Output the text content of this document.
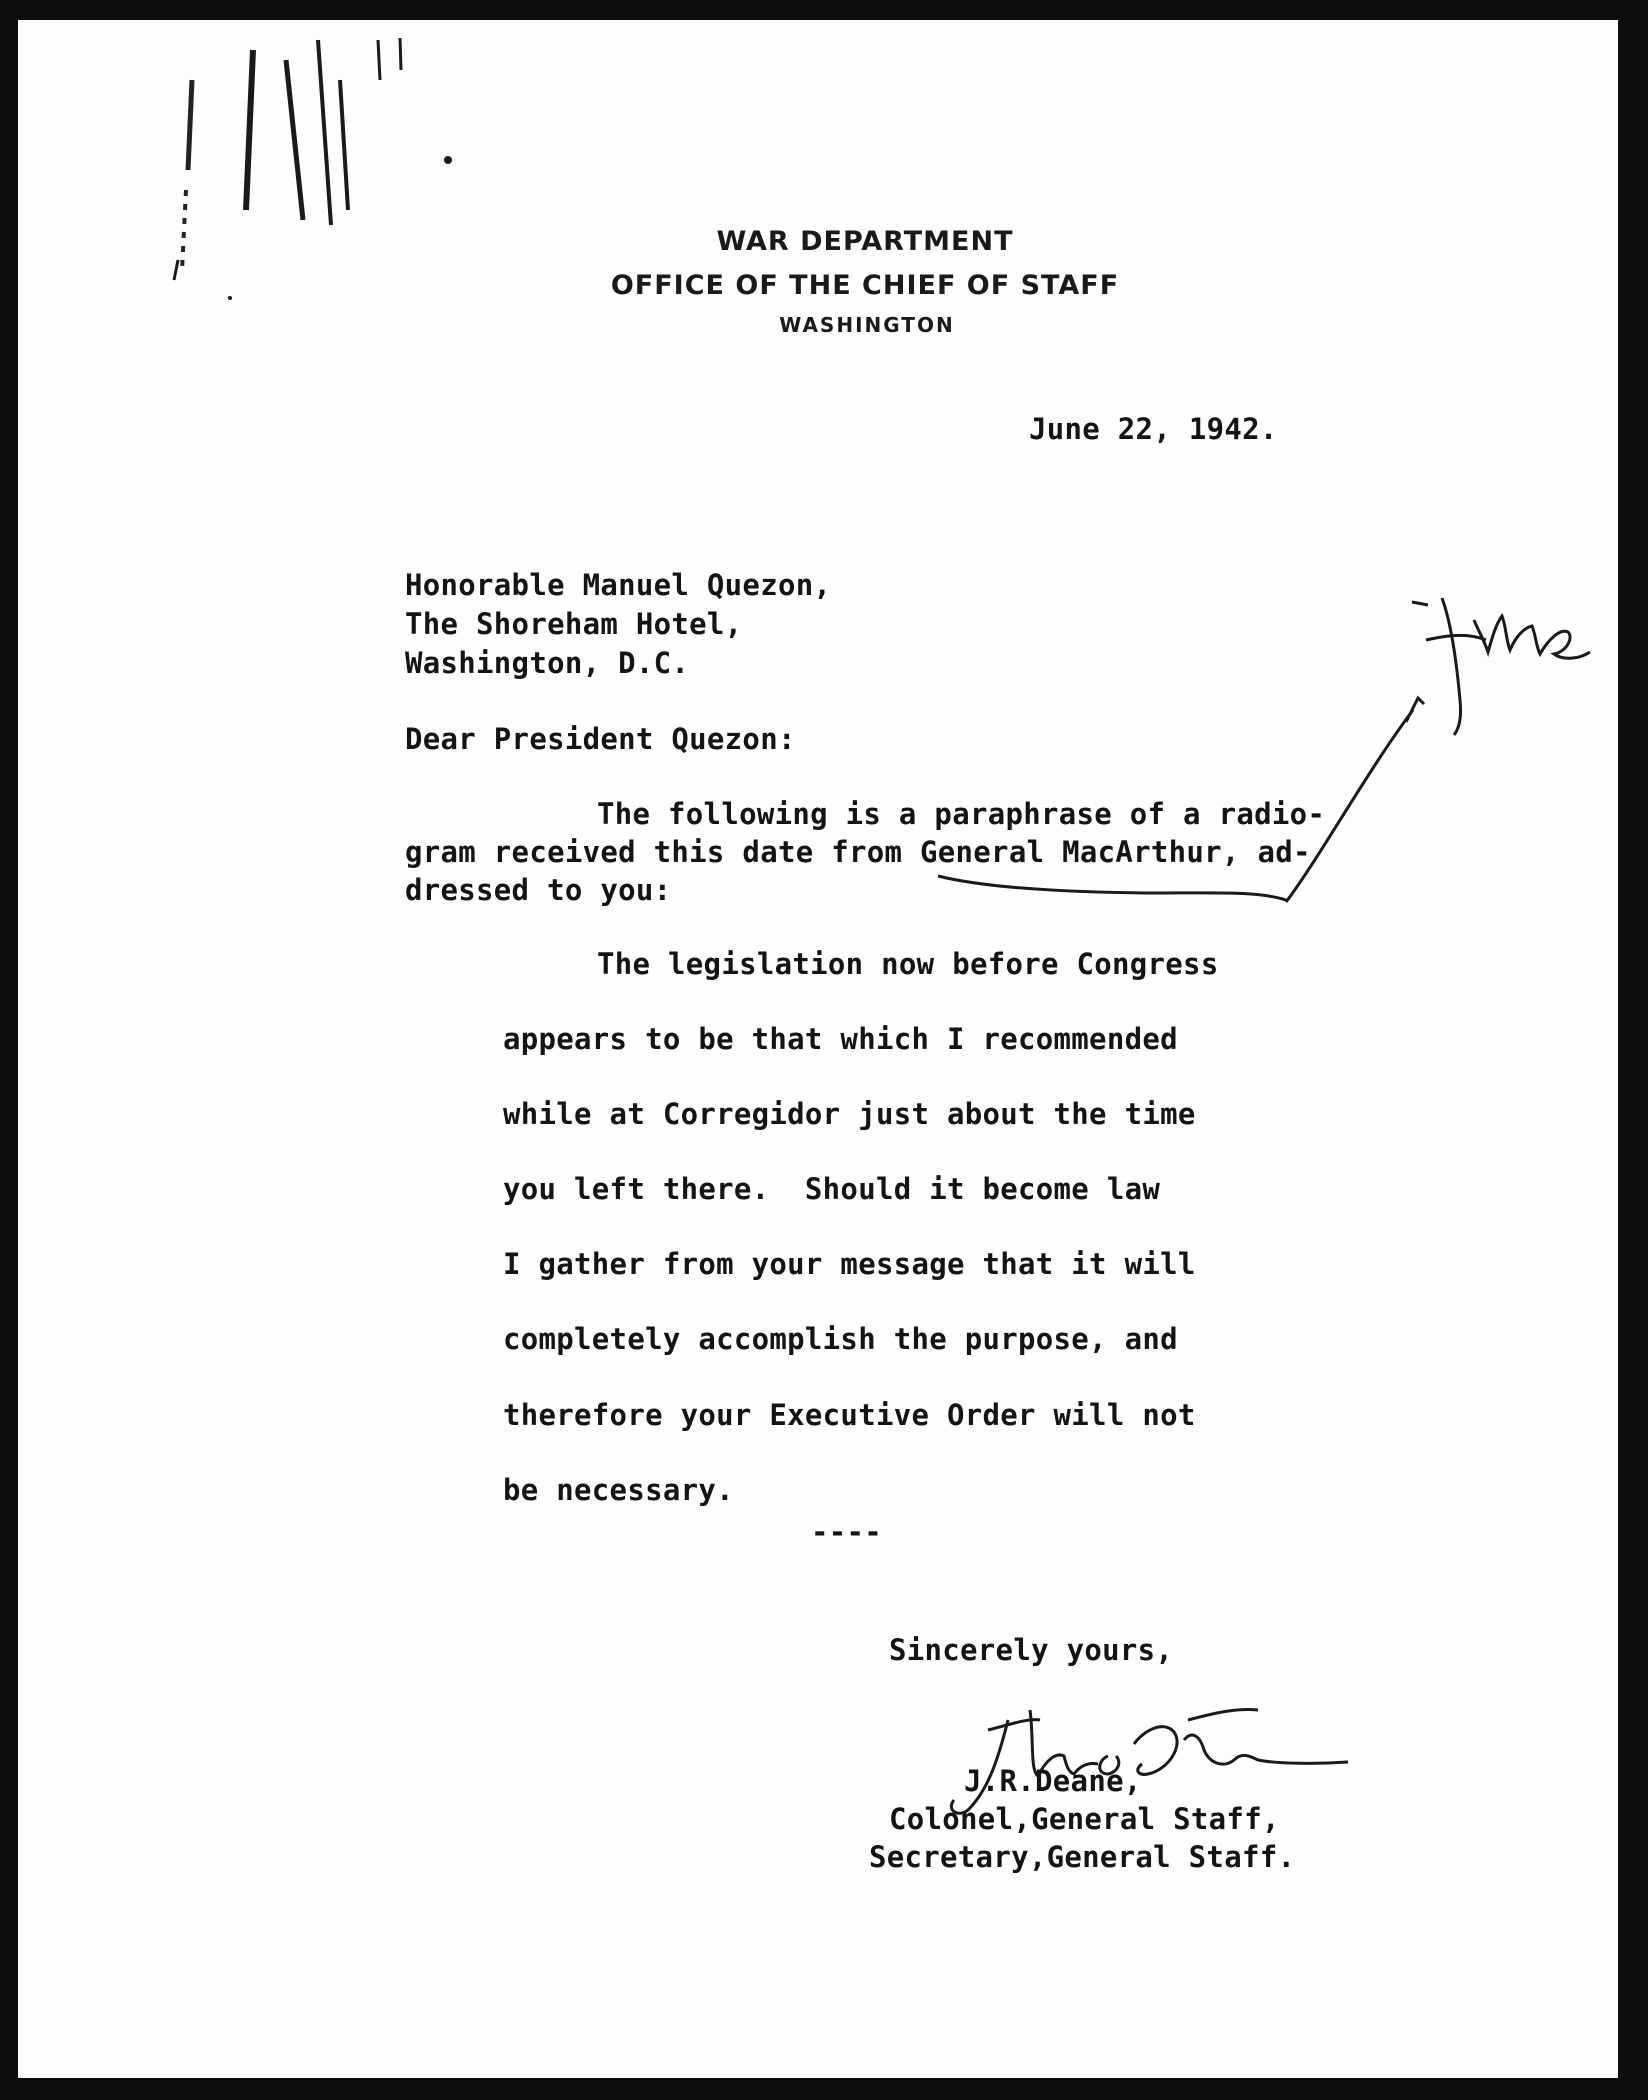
WAR DEPARTMENT
OFFICE OF THE CHIEF OF STAFF
WASHINGTON
June 22, 1942.
Honorable Manuel Quezon,
The Shoreham Hotel,
Washington, D.C.
Dear President Quezon:
The following is a paraphrase of a radio-
gram received this date from General MacArthur, ad-
dressed to you:
The legislation now before Congress
appears to be that which I recommended
while at Corregidor just about the time
you left there.  Should it become law
I gather from your message that it will
completely accomplish the purpose, and
therefore your Executive Order will not
be necessary.
----
Sincerely yours,
J.R.Deane,
Colonel,General Staff,
Secretary,General Staff.
